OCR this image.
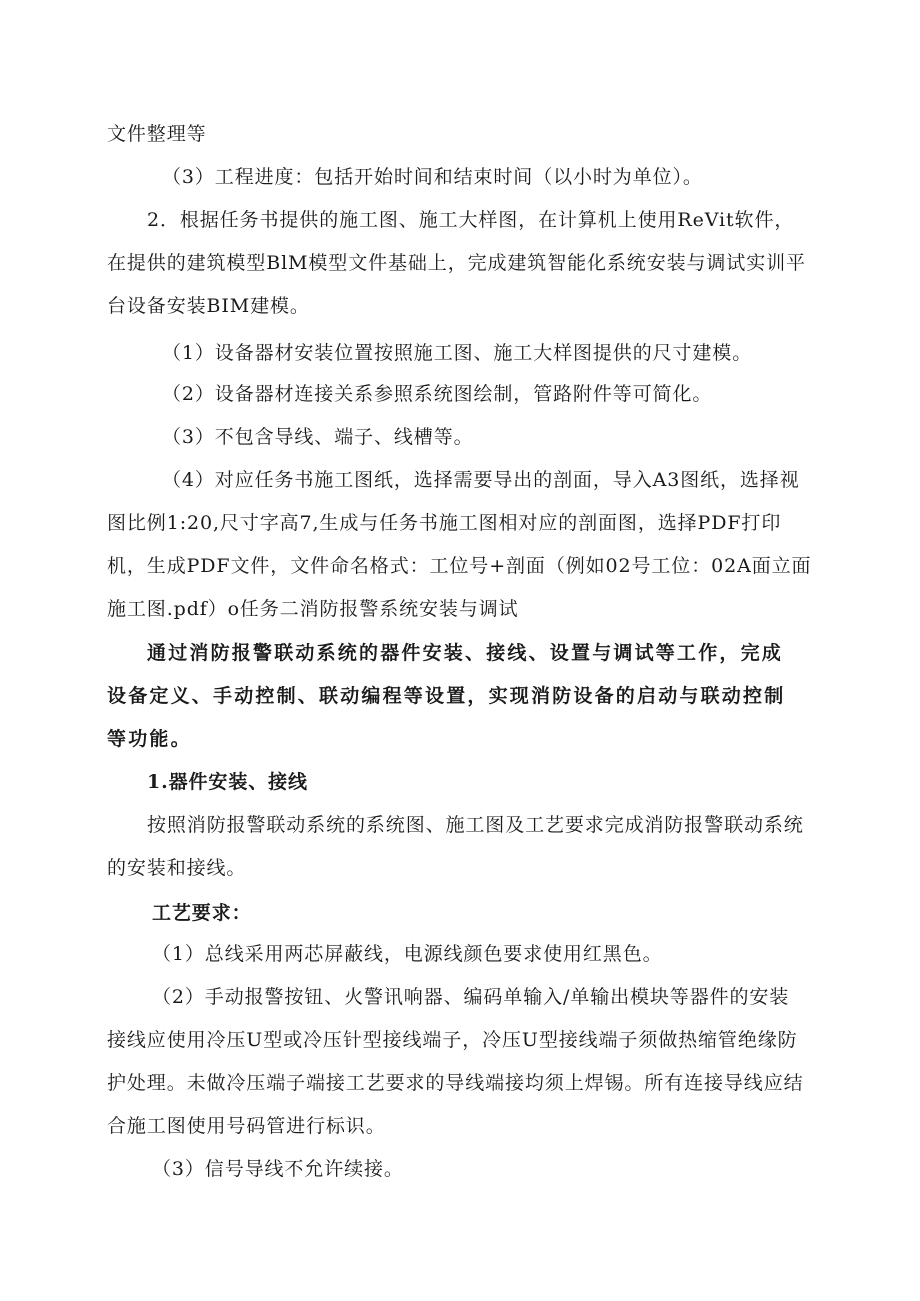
文件整理等
（3）工程进度：包括开始时间和结束时间（以小时为单位）。
2．根据任务书提供的施工图、施工大样图，在计算机上使用ReVit软件，
在提供的建筑模型BlM模型文件基础上，完成建筑智能化系统安装与调试实训平
台设备安装BIM建模。
（1）设备器材安装位置按照施工图、施工大样图提供的尺寸建模。
（2）设备器材连接关系参照系统图绘制，管路附件等可简化。
（3）不包含导线、端子、线槽等。
（4）对应任务书施工图纸，选择需要导出的剖面，导入A3图纸，选择视
图比例1:20,尺寸字高7,生成与任务书施工图相对应的剖面图，选择PDF打印
机，生成PDF文件，文件命名格式：工位号+剖面（例如02号工位：02A面立面
施工图.pdf）o任务二消防报警系统安装与调试
通过消防报警联动系统的器件安装、接线、设置与调试等工作，完成
设备定义、手动控制、联动编程等设置，实现消防设备的启动与联动控制
等功能。
1.器件安装、接线
按照消防报警联动系统的系统图、施工图及工艺要求完成消防报警联动系统
的安装和接线。
工艺要求：
（1）总线采用两芯屏蔽线，电源线颜色要求使用红黑色。
（2）手动报警按钮、火警讯响器、编码单输入/单输出模块等器件的安装
接线应使用冷压U型或冷压针型接线端子，冷压U型接线端子须做热缩管绝缘防
护处理。未做冷压端子端接工艺要求的导线端接均须上焊锡。所有连接导线应结
合施工图使用号码管进行标识。
（3）信号导线不允许续接。
